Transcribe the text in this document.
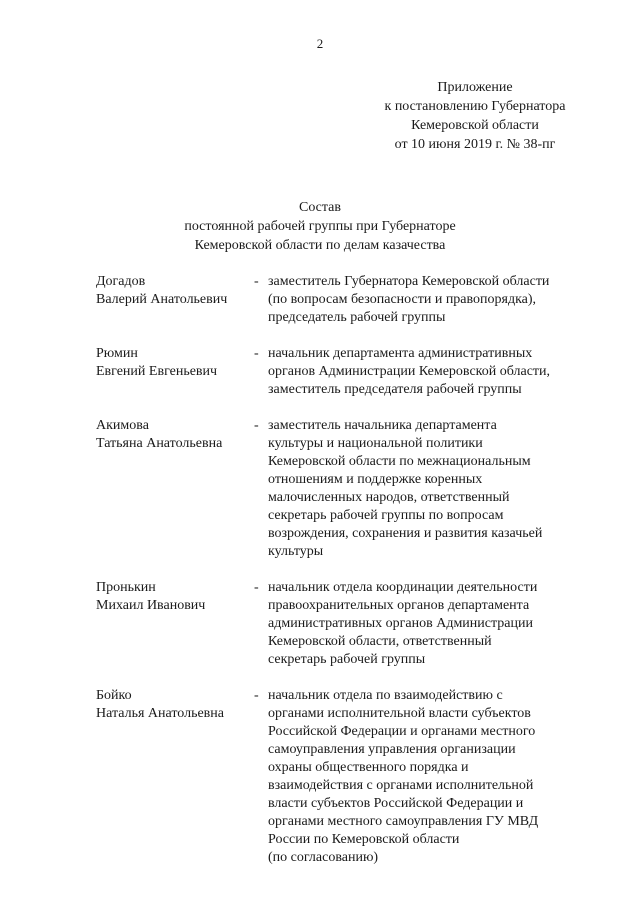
2
Приложение
к постановлению Губернатора
Кемеровской области
от 10 июня 2019 г. № 38-пг
Состав
постоянной рабочей группы при Губернаторе
Кемеровской области по делам казачества
Догадов
Валерий Анатольевич
- заместитель Губернатора Кемеровской области
(по вопросам безопасности и правопорядка),
председатель рабочей группы
Рюмин
Евгений Евгеньевич
- начальник департамента административных
органов Администрации Кемеровской области,
заместитель председателя рабочей группы
Акимова
Татьяна Анатольевна
- заместитель начальника департамента
культуры и национальной политики
Кемеровской области по межнациональным
отношениям и поддержке коренных
малочисленных народов, ответственный
секретарь рабочей группы по вопросам
возрождения, сохранения и развития казачьей
культуры
Пронькин
Михаил Иванович
- начальник отдела координации деятельности
правоохранительных органов департамента
административных органов Администрации
Кемеровской области, ответственный
секретарь рабочей группы
Бойко
Наталья Анатольевна
- начальник отдела по взаимодействию с
органами исполнительной власти субъектов
Российской Федерации и органами местного
самоуправления управления организации
охраны общественного порядка и
взаимодействия с органами исполнительной
власти субъектов Российской Федерации и
органами местного самоуправления ГУ МВД
России по Кемеровской области
(по согласованию)
